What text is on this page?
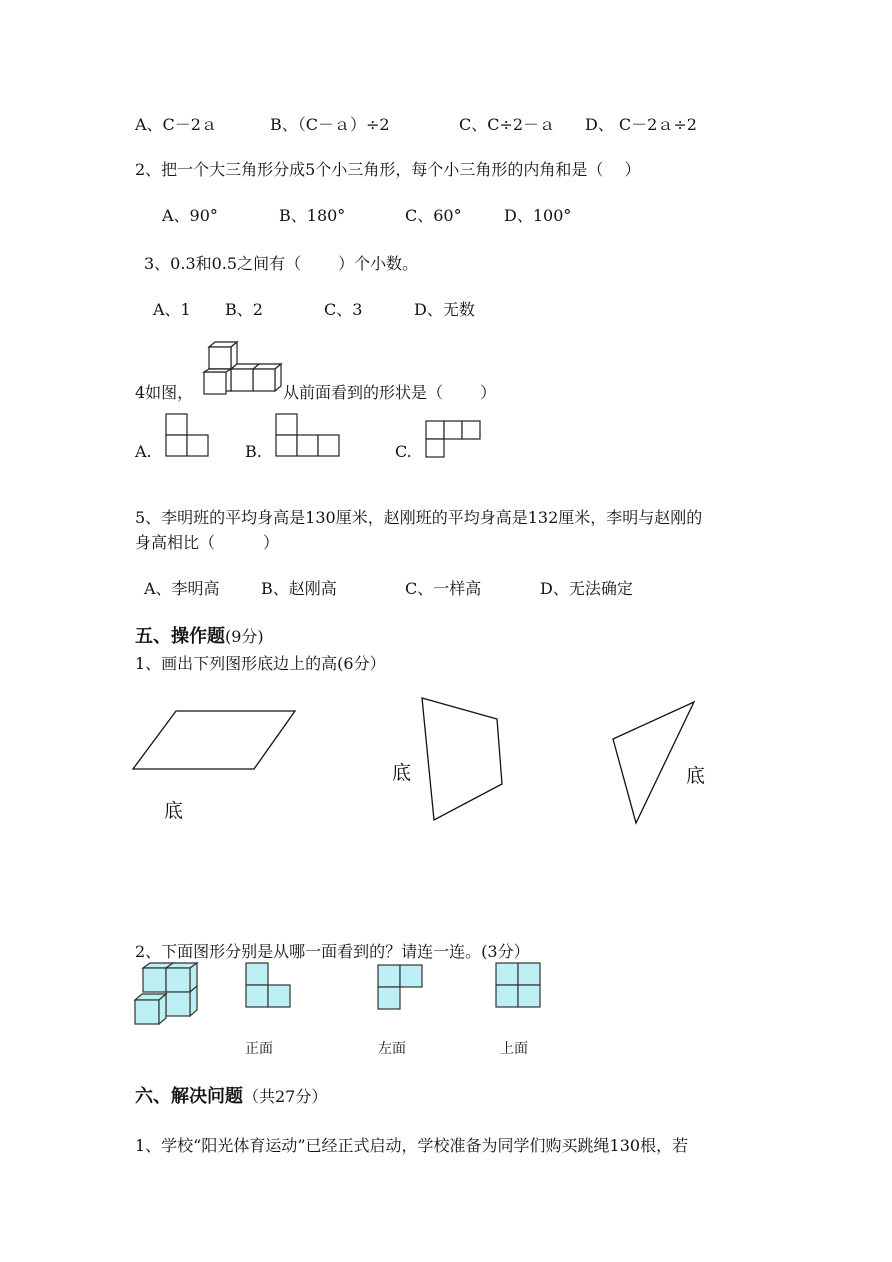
A、C－2ａ	B、（C－ａ）÷2	C、C÷2－ａ D、 C－2ａ÷2
2、把一个大三角形分成5个小三角形，每个小三角形的内角和是（　 ）
A、90°	B、180°	C、60°	D、100°
3、0.3和0.5之间有（　　 ）个小数。
A、1 B、2	C、3	D、无数
4如图，	从前面看到的形状是（　　 ）
A.	B.	C.
5、李明班的平均身高是130厘米，赵刚班的平均身高是132厘米，李明与赵刚的
身高相比（　　　）
A、李明高	B、赵刚高	C、一样高	D、无法确定
五、操作题(9分)
1、画出下列图形底边上的高(6分）
底
底	底
2、下面图形分别是从哪一面看到的？请连一连。(3分）
正面	左面	上面
六、解决问题（共27分）
1、学校“阳光体育运动”已经正式启动，学校准备为同学们购买跳绳130根，若
